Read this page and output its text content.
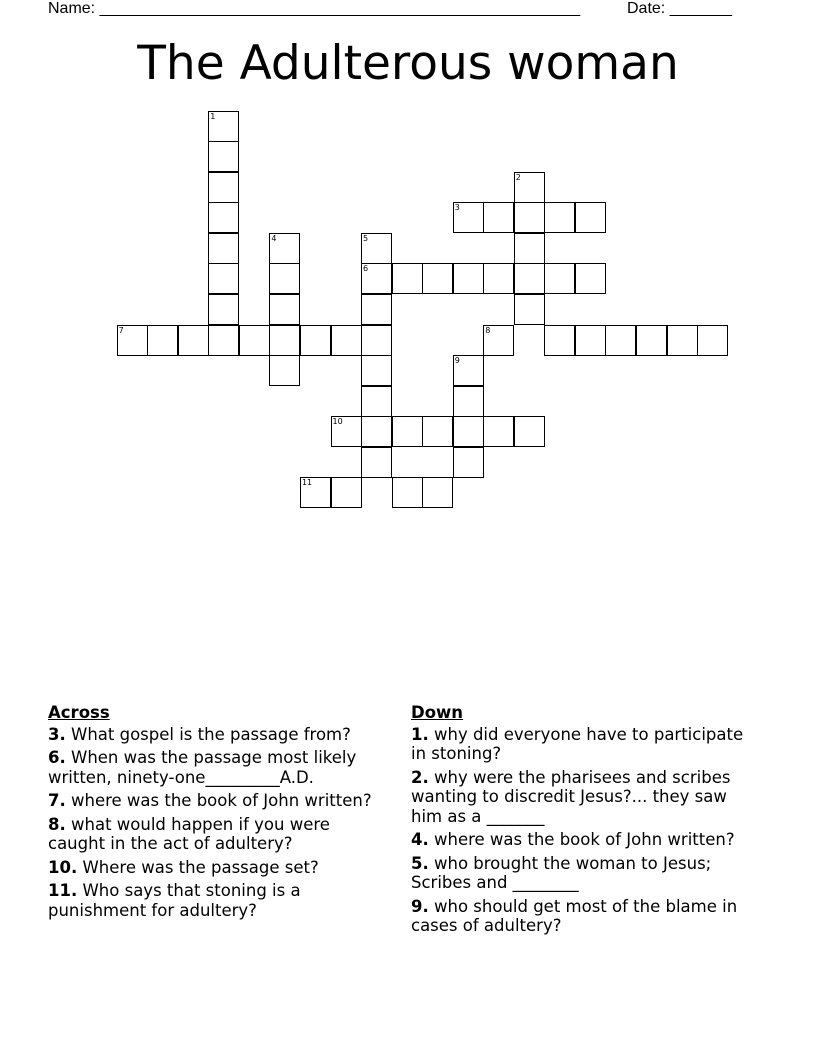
Name: ______________________________________________________	Date: _______
The Adulterous woman
1
2
3
4	5
6
7	8
9
10
11
Across
3. What gospel is the passage from?
6. When was the passage most likely written, ninety-one_________A.D.
7. where was the book of John written?
8. what would happen if you were caught in the act of adultery?
10. Where was the passage set?
11. Who says that stoning is a punishment for adultery?
Down
1. why did everyone have to participate in stoning?
2. why were the pharisees and scribes wanting to discredit Jesus?... they saw him as a _______
4. where was the book of John written?
5. who brought the woman to Jesus; Scribes and ________
9. who should get most of the blame in cases of adultery?
